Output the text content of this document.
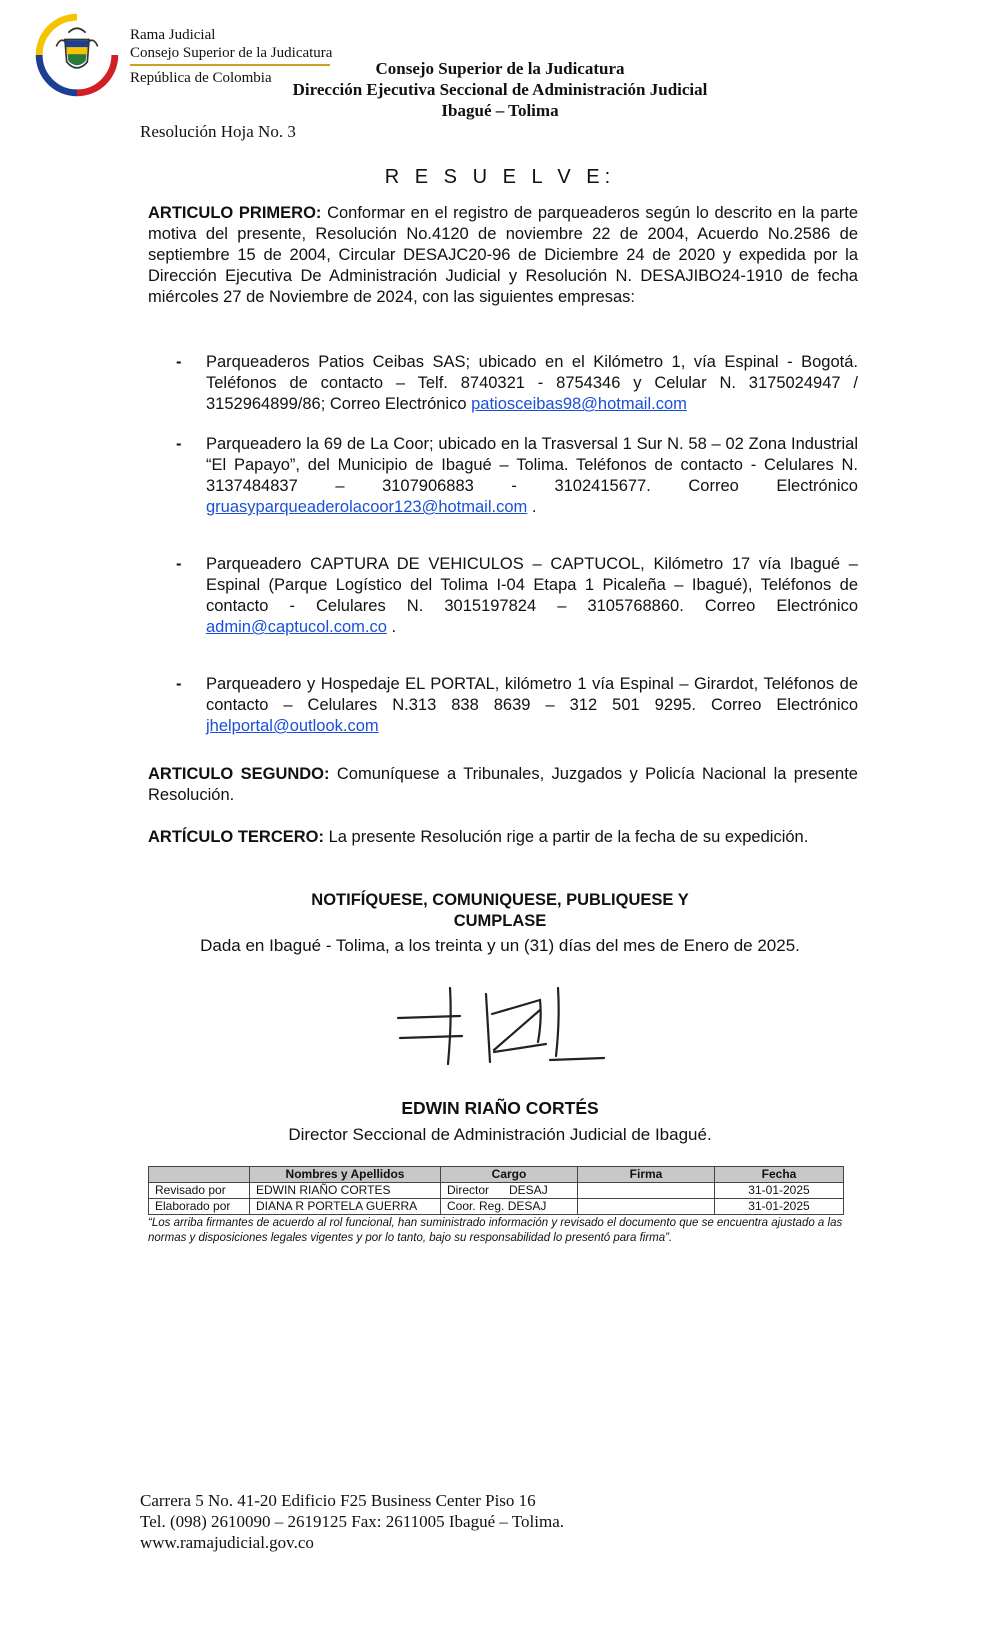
Rama Judicial
Consejo Superior de la Judicatura
República de Colombia	Consejo Superior de la Judicatura
Dirección Ejecutiva Seccional de Administración Judicial
Ibagué – Tolima
Resolución Hoja No. 3
R E S U E L V E:
ARTICULO PRIMERO: Conformar en el registro de parqueaderos según lo descrito en la parte motiva del presente, Resolución No.4120 de noviembre 22 de 2004, Acuerdo No.2586 de septiembre 15 de 2004, Circular DESAJC20-96 de Diciembre 24 de 2020 y expedida por la Dirección Ejecutiva De Administración Judicial y Resolución N. DESAJIBO24-1910 de fecha miércoles 27 de Noviembre de 2024, con las siguientes empresas:
- Parqueaderos Patios Ceibas SAS; ubicado en el Kilómetro 1, vía Espinal - Bogotá. Teléfonos de contacto – Telf. 8740321 - 8754346 y Celular N. 3175024947 / 3152964899/86; Correo Electrónico patiosceibas98@hotmail.com
- Parqueadero la 69 de La Coor; ubicado en la Trasversal 1 Sur N. 58 – 02 Zona Industrial “El Papayo”, del Municipio de Ibagué – Tolima. Teléfonos de contacto - Celulares N. 3137484837 – 3107906883 - 3102415677. Correo Electrónico gruasyparqueaderolacoor123@hotmail.com .
- Parqueadero CAPTURA DE VEHICULOS – CAPTUCOL, Kilómetro 17 vía Ibagué – Espinal (Parque Logístico del Tolima I-04 Etapa 1 Picaleña – Ibagué), Teléfonos de contacto - Celulares N. 3015197824 – 3105768860. Correo Electrónico admin@captucol.com.co .
- Parqueadero y Hospedaje EL PORTAL, kilómetro 1 vía Espinal – Girardot, Teléfonos de contacto – Celulares N.313 838 8639 – 312 501 9295. Correo Electrónico jhelportal@outlook.com
ARTICULO SEGUNDO: Comuníquese a Tribunales, Juzgados y Policía Nacional la presente Resolución.
ARTÍCULO TERCERO: La presente Resolución rige a partir de la fecha de su expedición.
NOTIFÍQUESE, COMUNIQUESE, PUBLIQUESE Y
CUMPLASE
Dada en Ibagué - Tolima, a los treinta y un (31) días del mes de Enero de 2025.
EDWIN RIAÑO CORTÉS
Director Seccional de Administración Judicial de Ibagué.
	Nombres y Apellidos	Cargo	Firma	Fecha
Revisado por	EDWIN RIAÑO CORTES	Director      DESAJ		31-01-2025
Elaborado por	DIANA R PORTELA GUERRA	Coor. Reg. DESAJ		31-01-2025
“Los arriba firmantes de acuerdo al rol funcional, han suministrado información y revisado el documento que se encuentra ajustado a las normas y disposiciones legales vigentes y por lo tanto, bajo su responsabilidad lo presentó para firma”.
Carrera 5 No. 41-20 Edificio F25 Business Center Piso 16
Tel. (098) 2610090 – 2619125 Fax: 2611005 Ibagué – Tolima.
www.ramajudicial.gov.co
